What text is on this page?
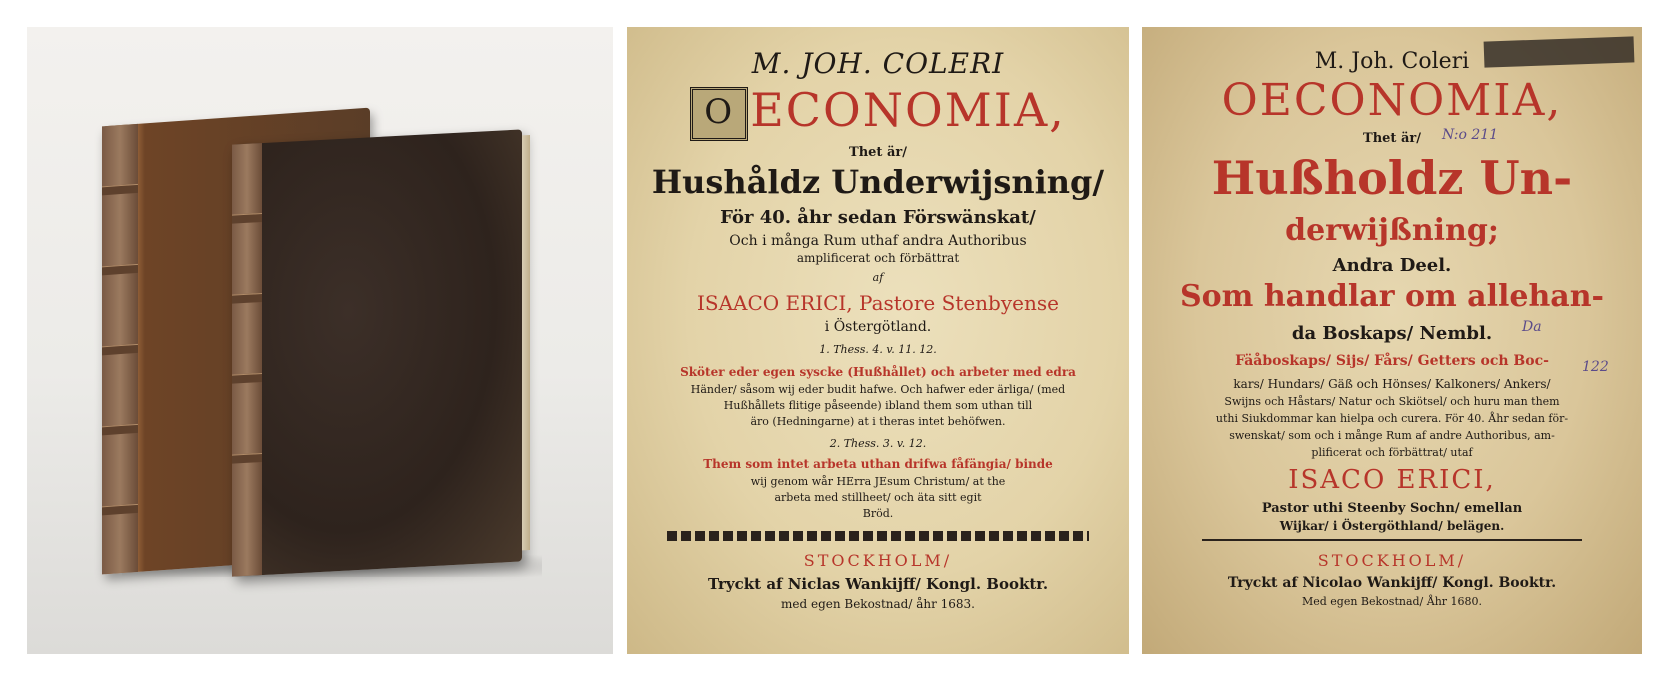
M. JOH. COLERI
O ECONOMIA,
Thet är/
Hushåldz Underwijsning/
För 40. åhr sedan Förswänskat/
Och i många Rum uthaf andra Authoribus
amplificerat och förbättrat
af
ISAACO ERICI, Pastore Stenbyense
i Östergötland.
1. Thess. 4. v. 11. 12.
Sköter eder egen syscke (Hußhållet) och arbeter med edra
Händer/ såsom wij eder budit hafwe. Och hafwer eder ärliga/ (med
Hußhållets flitige påseende) ibland them som uthan till
äro (Hedningarne) at i theras intet behöfwen.
2. Thess. 3. v. 12.
Them som intet arbeta uthan drifwa fåfängia/ binde
wij genom wår HErra JEsum Christum/ at the
arbeta med stillheet/ och äta sitt egit
Bröd.
STOCKHOLM/
Tryckt af Niclas Wankijff/ Kongl. Booktr.
med egen Bekostnad/ åhr 1683.
M. Joh. Coleri
OECONOMIA,
Thet är/	N:o 211
Hußholdz Un-
derwijßning;
Andra Deel.
Som handlar om allehan-
da Boskaps/ Nembl.	Da
122
Fäåboskaps/ Sijs/ Fårs/ Getters och Boc-
kars/ Hundars/ Gäß och Hönses/ Kalkoners/ Ankers/
Swijns och Håstars/ Natur och Skiötsel/ och huru man them
uthi Siukdommar kan hielpa och curera. För 40. Åhr sedan för-
swenskat/ som och i månge Rum af andre Authoribus, am-
plificerat och förbättrat/ utaf
ISACO ERICI,
Pastor uthi Steenby Sochn/ emellan
Wijkar/ i Östergöthland/ belägen.
STOCKHOLM/
Tryckt af Nicolao Wankijff/ Kongl. Booktr.
Med egen Bekostnad/ Åhr 1680.
